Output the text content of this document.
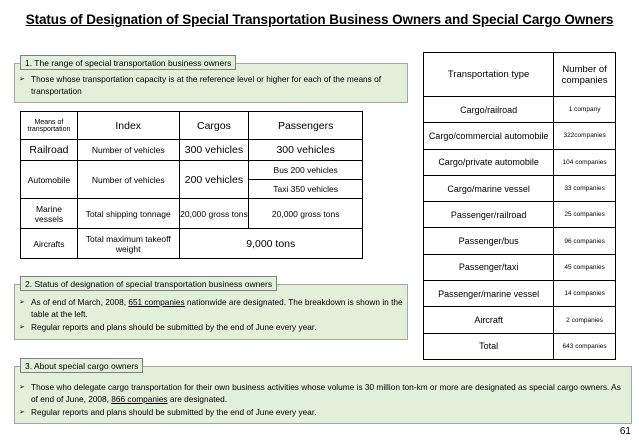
Status of Designation of Special Transportation Business Owners and Special Cargo Owners
1. The range of special transportation business owners
➢ Those whose transportation capacity is at the reference level or higher for each of the means of transportation
Means of transportation	Index	Cargos	Passengers
Railroad	Number of vehicles	300 vehicles	300 vehicles
Automobile	Number of vehicles	200 vehicles	Bus 200 vehicles
			Taxi 350 vehicles
Marine vessels	Total shipping tonnage	20,000 gross tons	20,000 gross tons
Aircrafts	Total maximum takeoff weight	9,000 tons	
2. Status of designation of special transportation business owners
➢ As of end of March, 2008, 651 companies nationwide are designated. The breakdown is shown in the table at the left.
➢ Regular reports and plans should be submitted by the end of June every year.
3. About special cargo owners
➢ Those who delegate cargo transportation for their own business activities whose volume is 30 million ton-km or more are designated as special cargo owners. As of end of June, 2008, 866 companies are designated.
➢ Regular reports and plans should be submitted by the end of June every year.
Transportation type	Number of companies
Cargo/railroad	1 company
Cargo/commercial automobile	322companies
Cargo/private automobile	104 companies
Cargo/marine vessel	33 companies
Passenger/railroad	25 companies
Passenger/bus	96 companies
Passenger/taxi	45 companies
Passenger/marine vessel	14 companies
Aircraft	2 companies
Total	643 companies
61
